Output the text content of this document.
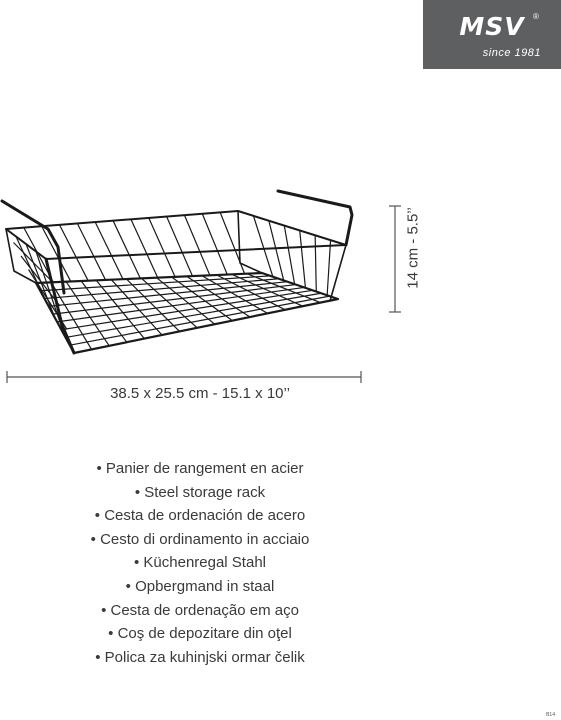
MSV	®
since 1981
38.5 x 25.5 cm - 15.1 x 10’’
14 cm - 5.5’’
• Panier de rangement en acier
• Steel storage rack
• Cesta de ordenación de acero
• Cesto di ordinamento in acciaio
• Küchenregal Stahl
• Opbergmand in staal
• Cesta de ordenação em aço
• Coş de depozitare din oţel
• Polica za kuhinjski ormar čelik
B14
